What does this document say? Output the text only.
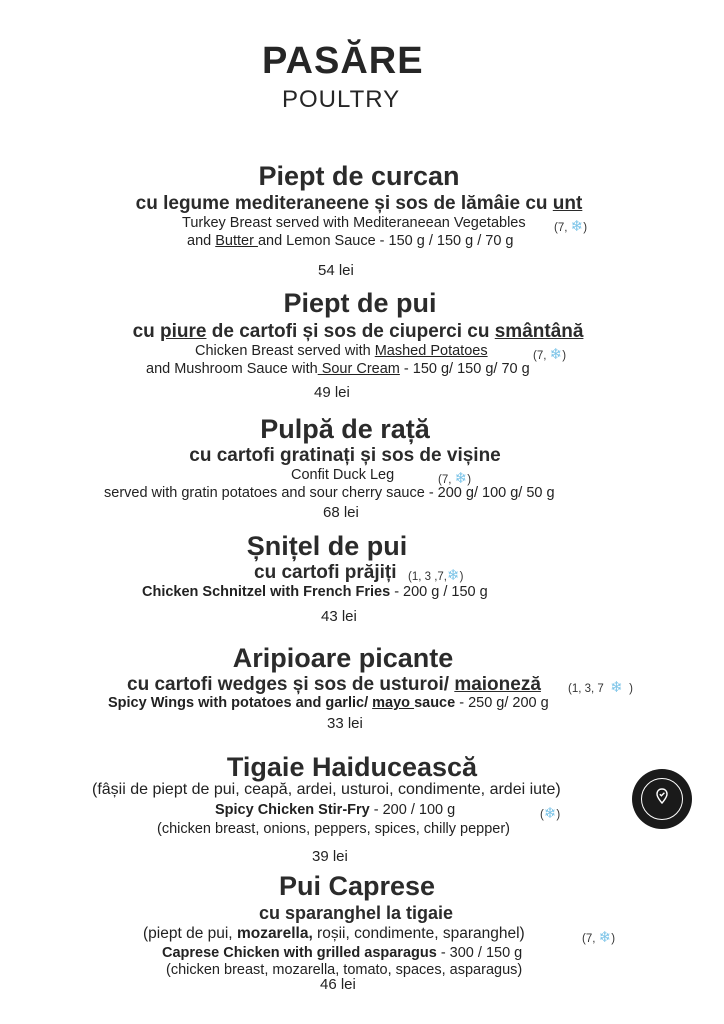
PASĂRE
POULTRY
Piept de curcan
cu legume mediteraneene și sos de lămâie cu unt
Turkey Breast served with Mediteraneean Vegetables (7, ❄)
and Butter and Lemon Sauce - 150 g / 150 g / 70 g
54 lei
Piept de pui
cu piure de cartofi și sos de ciuperci cu smântână
Chicken Breast served with Mashed Potatoes	(7, ❄)
and Mushroom Sauce with Sour Cream - 150 g/ 150 g/ 70 g
49 lei
Pulpă de rață
cu cartofi gratinați și sos de vișine
Confit Duck Leg	(7, ❄)
served with gratin potatoes and sour cherry sauce - 200 g/ 100 g/ 50 g
68 lei
Șnițel de pui
cu cartofi prăjiți (1, 3 ,7,❄)
Chicken Schnitzel with French Fries - 200 g / 150 g
43 lei
Aripioare picante
cu cartofi wedges și sos de usturoi/ maioneză (1, 3, 7 ❄ )
Spicy Wings with potatoes and garlic/ mayo sauce - 250 g/ 200 g
33 lei
Tigaie Haiducească
(fâșii de piept de pui, ceapă, ardei, usturoi, condimente, ardei iute)
Spicy Chicken Stir-Fry - 200 / 100 g	(❄)
(chicken breast, onions, peppers, spices, chilly pepper)
39 lei
Pui Caprese
cu sparanghel la tigaie
(piept de pui, mozarella, roșii, condimente, sparanghel)	(7, ❄)
Caprese Chicken with grilled asparagus - 300 / 150 g
(chicken breast, mozarella, tomato, spaces, asparagus)
46 lei
